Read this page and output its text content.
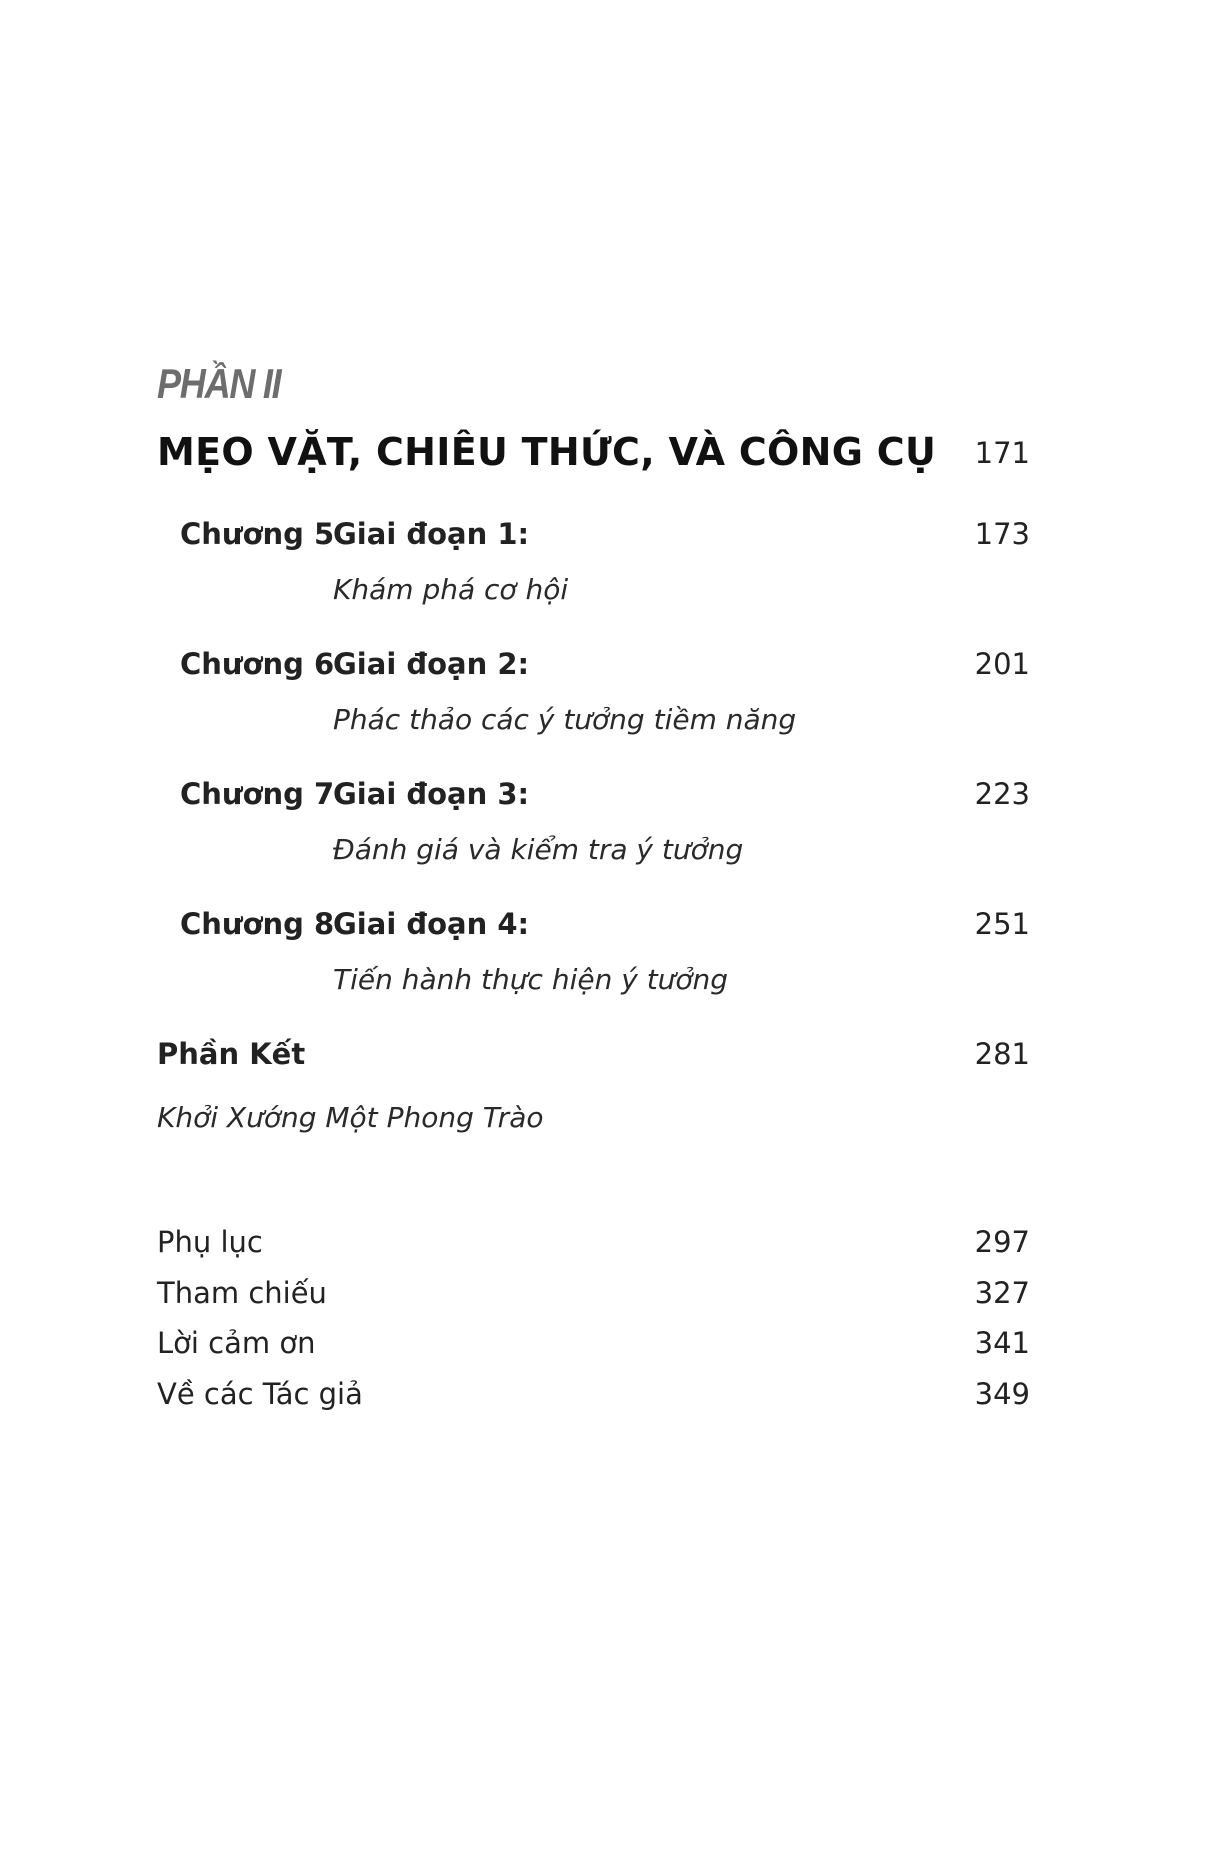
PHẦN II
MẸO VẶT, CHIÊU THỨC, VÀ CÔNG CỤ 171
Chương 5
Giai đoạn 1:	173
Khám phá cơ hội
Chương 6
Giai đoạn 2:	201
Phác thảo các ý tưởng tiềm năng
Chương 7
Giai đoạn 3:	223
Đánh giá và kiểm tra ý tưởng
Chương 8
Giai đoạn 4:	251
Tiến hành thực hiện ý tưởng
Phần Kết	281
Khởi Xướng Một Phong Trào
Phụ lục	297
Tham chiếu	327
Lời cảm ơn	341
Về các Tác giả	349
